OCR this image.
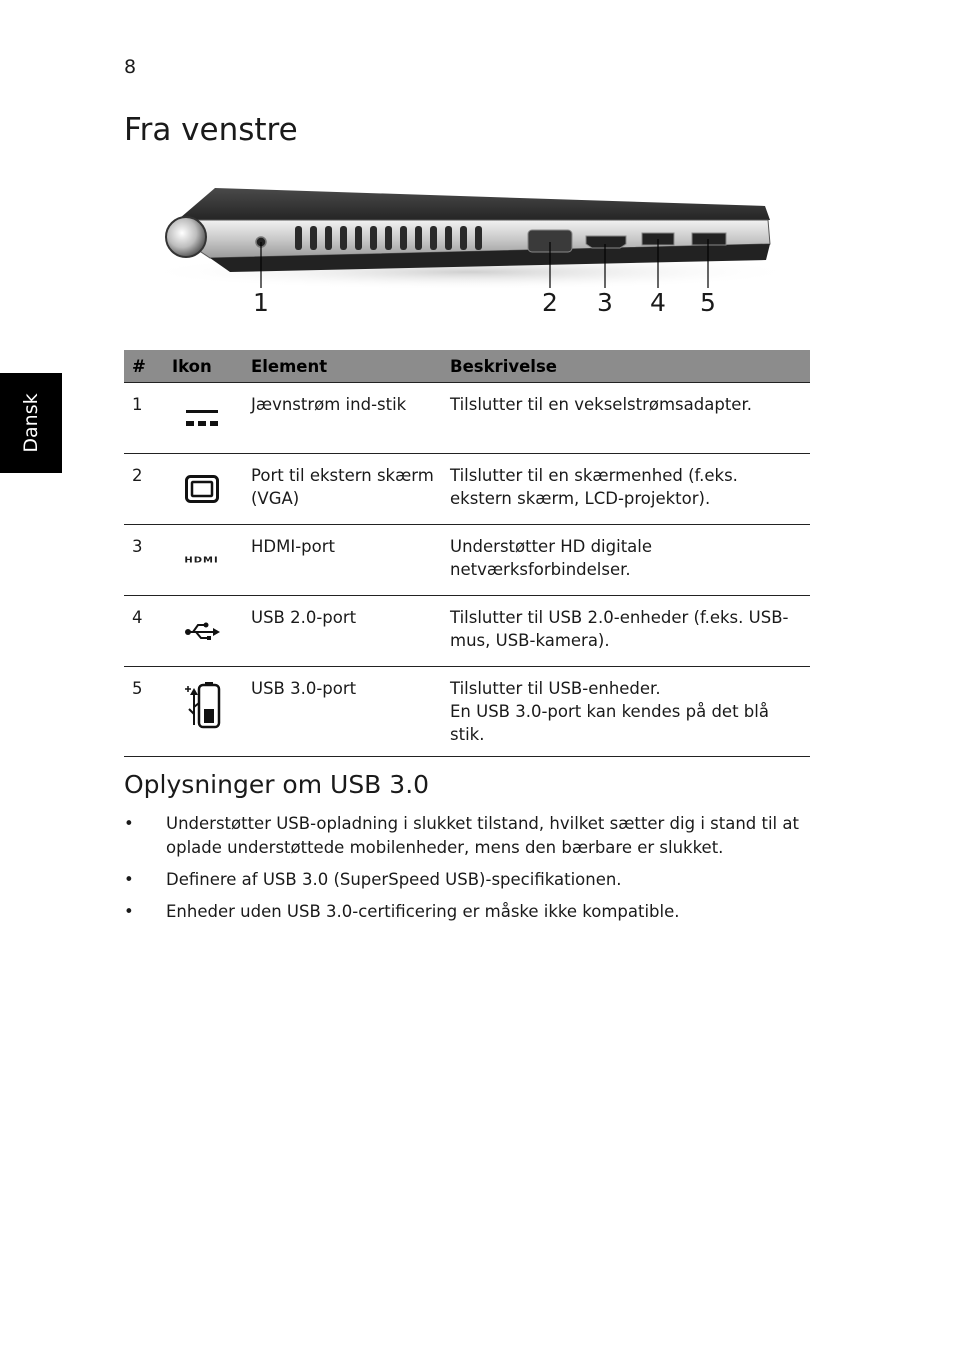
8
Dansk
Fra venstre
1	2 3 4 5
#	Ikon	Element	Beskrivelse
1		Jævnstrøm ind-stik	Tilslutter til en vekselstrømsadapter.
2		Port til ekstern skærm (VGA)	Tilslutter til en skærmenhed (f.eks. ekstern skærm, LCD-projektor).
3	HDMI	HDMI-port	Understøtter HD digitale netværksforbindelser.
4		USB 2.0-port	Tilslutter til USB 2.0-enheder (f.eks. USB-mus, USB-kamera).
5		USB 3.0-port	Tilslutter til USB-enheder.
En USB 3.0-port kan kendes på det blå stik.
Oplysninger om USB 3.0
• Understøtter USB-opladning i slukket tilstand, hvilket sætter dig i stand til at oplade understøttede mobilenheder, mens den bærbare er slukket.
• Definere af USB 3.0 (SuperSpeed USB)-specifikationen.
• Enheder uden USB 3.0-certificering er måske ikke kompatible.
